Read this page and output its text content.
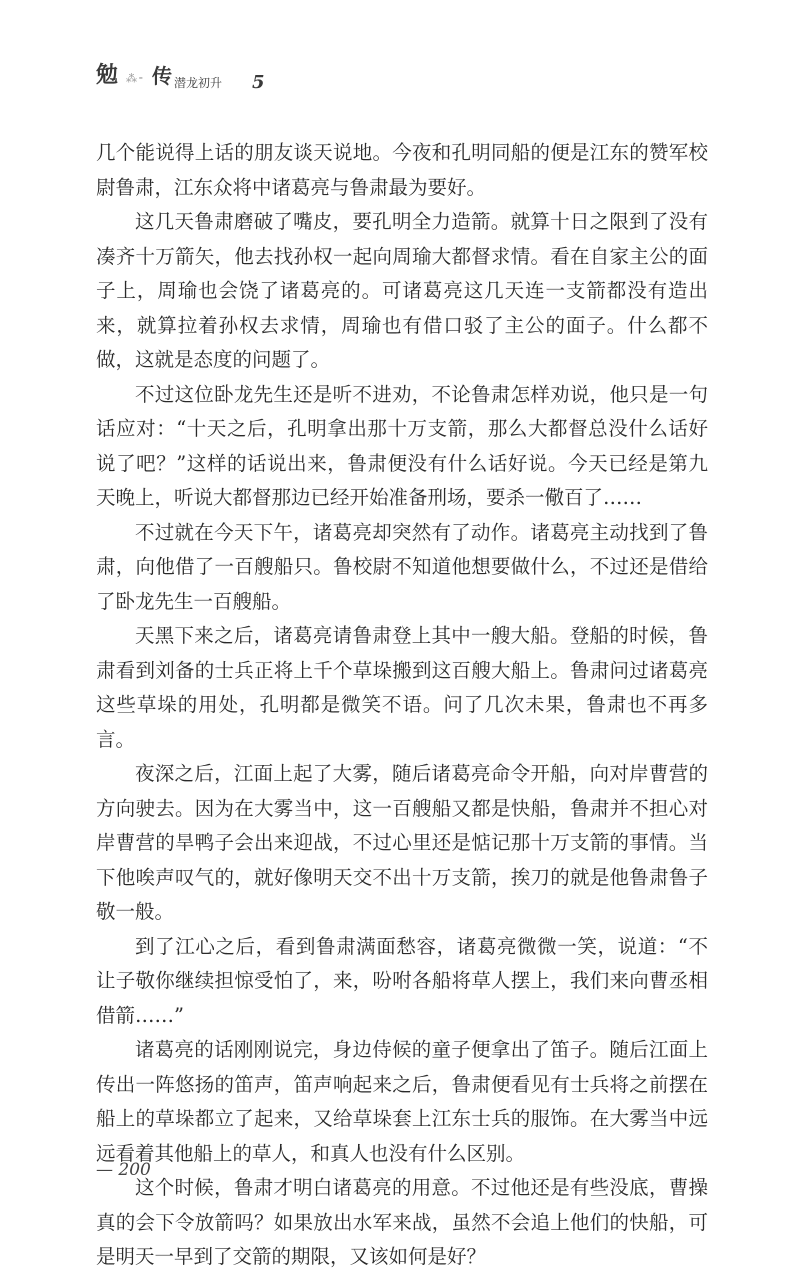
勉 ⁂⁃ 传 潜龙初升 5

几个能说得上话的朋友谈天说地。今夜和孔明同船的便是江东的赞军校尉鲁肃，江东众将中诸葛亮与鲁肃最为要好。

这几天鲁肃磨破了嘴皮，要孔明全力造箭。就算十日之限到了没有凑齐十万箭矢，他去找孙权一起向周瑜大都督求情。看在自家主公的面子上，周瑜也会饶了诸葛亮的。可诸葛亮这几天连一支箭都没有造出来，就算拉着孙权去求情，周瑜也有借口驳了主公的面子。什么都不做，这就是态度的问题了。

不过这位卧龙先生还是听不进劝，不论鲁肃怎样劝说，他只是一句话应对：“十天之后，孔明拿出那十万支箭，那么大都督总没什么话好说了吧？”这样的话说出来，鲁肃便没有什么话好说。今天已经是第九天晚上，听说大都督那边已经开始准备刑场，要杀一儆百了……

不过就在今天下午，诸葛亮却突然有了动作。诸葛亮主动找到了鲁肃，向他借了一百艘船只。鲁校尉不知道他想要做什么，不过还是借给了卧龙先生一百艘船。

天黑下来之后，诸葛亮请鲁肃登上其中一艘大船。登船的时候，鲁肃看到刘备的士兵正将上千个草垛搬到这百艘大船上。鲁肃问过诸葛亮这些草垛的用处，孔明都是微笑不语。问了几次未果，鲁肃也不再多言。

夜深之后，江面上起了大雾，随后诸葛亮命令开船，向对岸曹营的方向驶去。因为在大雾当中，这一百艘船又都是快船，鲁肃并不担心对岸曹营的旱鸭子会出来迎战，不过心里还是惦记那十万支箭的事情。当下他唉声叹气的，就好像明天交不出十万支箭，挨刀的就是他鲁肃鲁子敬一般。

到了江心之后，看到鲁肃满面愁容，诸葛亮微微一笑，说道：“不让子敬你继续担惊受怕了，来，吩咐各船将草人摆上，我们来向曹丞相借箭……”

诸葛亮的话刚刚说完，身边侍候的童子便拿出了笛子。随后江面上传出一阵悠扬的笛声，笛声响起来之后，鲁肃便看见有士兵将之前摆在船上的草垛都立了起来，又给草垛套上江东士兵的服饰。在大雾当中远远看着其他船上的草人，和真人也没有什么区别。

这个时候，鲁肃才明白诸葛亮的用意。不过他还是有些没底，曹操真的会下令放箭吗？如果放出水军来战，虽然不会追上他们的快船，可是明天一早到了交箭的期限，又该如何是好？

— 200
